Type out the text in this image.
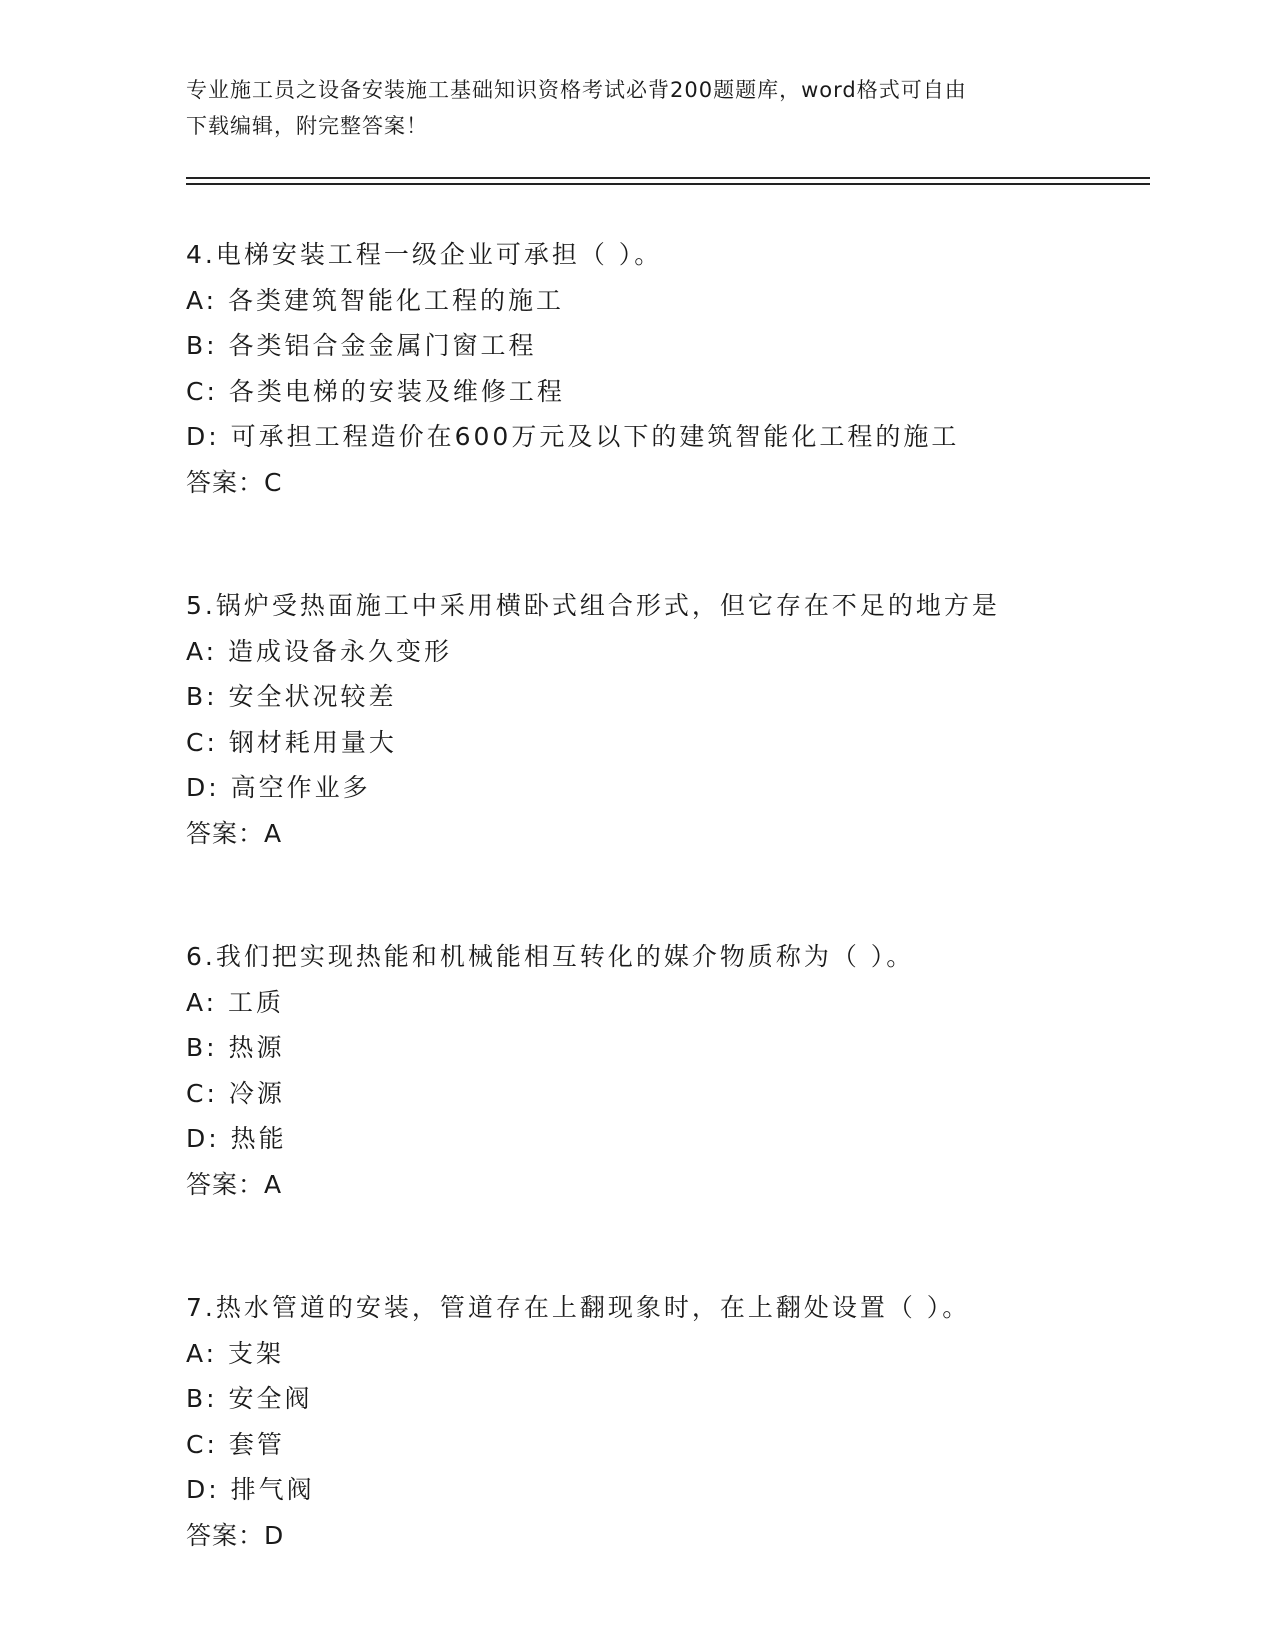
专业施工员之设备安装施工基础知识资格考试必背200题题库，word格式可自由
下载编辑，附完整答案！
4.电梯安装工程一级企业可承担（ ）。
A: 各类建筑智能化工程的施工
B: 各类铝合金金属门窗工程
C: 各类电梯的安装及维修工程
D: 可承担工程造价在600万元及以下的建筑智能化工程的施工
答案：C
5.锅炉受热面施工中采用横卧式组合形式，但它存在不足的地方是
A: 造成设备永久变形
B: 安全状况较差
C: 钢材耗用量大
D: 高空作业多
答案：A
6.我们把实现热能和机械能相互转化的媒介物质称为（ ）。
A: 工质
B: 热源
C: 冷源
D: 热能
答案：A
7.热水管道的安装，管道存在上翻现象时，在上翻处设置（ ）。
A: 支架
B: 安全阀
C: 套管
D: 排气阀
答案：D
